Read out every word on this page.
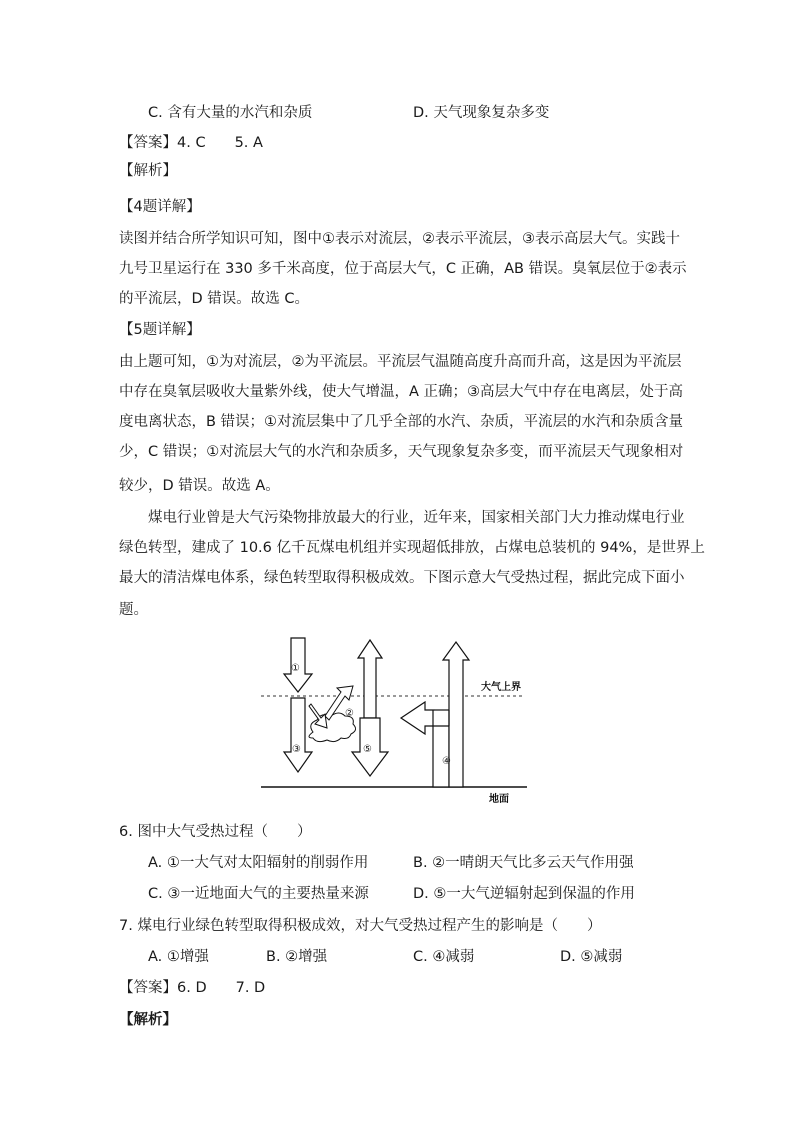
C. 含有大量的水汽和杂质	D. 天气现象复杂多变
【答案】4. C　　5. A
【解析】
【4题详解】
读图并结合所学知识可知，图中①表示对流层，②表示平流层，③表示高层大气。实践十
九号卫星运行在 330 多千米高度，位于高层大气，C 正确，AB 错误。臭氧层位于②表示
的平流层，D 错误。故选 C。
【5题详解】
由上题可知，①为对流层，②为平流层。平流层气温随高度升高而升高，这是因为平流层
中存在臭氧层吸收大量紫外线，使大气增温，A 正确；③高层大气中存在电离层，处于高
度电离状态，B 错误；①对流层集中了几乎全部的水汽、杂质，平流层的水汽和杂质含量
少，C 错误；①对流层大气的水汽和杂质多，天气现象复杂多变，而平流层天气现象相对
较少，D 错误。故选 A。
煤电行业曾是大气污染物排放最大的行业，近年来，国家相关部门大力推动煤电行业
绿色转型，建成了 10.6 亿千瓦煤电机组并实现超低排放，占煤电总装机的 94%，是世界上
最大的清洁煤电体系，绿色转型取得积极成效。下图示意大气受热过程，据此完成下面小
题。
大气上界
地面
①
③
②
⑤
④
6. 图中大气受热过程（　　）
A. ①一大气对太阳辐射的削弱作用	B. ②一晴朗天气比多云天气作用强
C. ③一近地面大气的主要热量来源	D. ⑤一大气逆辐射起到保温的作用
7. 煤电行业绿色转型取得积极成效，对大气受热过程产生的影响是（　　）
A. ①增强	B. ②增强	C. ④减弱	D. ⑤减弱
【答案】6. D　　7. D
【解析】
